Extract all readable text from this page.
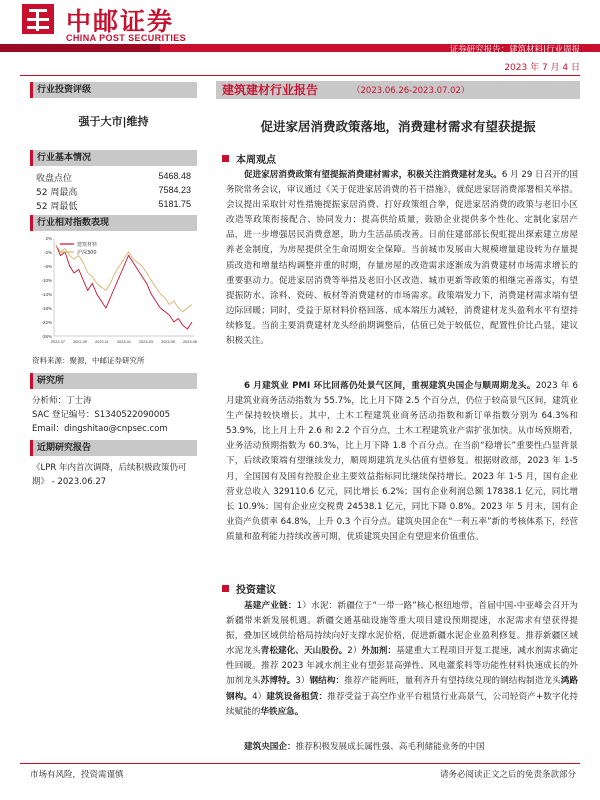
中邮证券
CHINA POST SECURITIES
证券研究报告：建筑材料|行业周报
2023 年 7 月 4 日
行业投资评级
强于大市|维持
行业基本情况
收盘点位	5468.48
52 周最高	7584.23
52 周最低	5181.75
行业相对指数表现
2%
-2%
-6%
-10%
-14%
-18%
-22%
-26%
2022-07 2022-09 2022-11 2023-01 2023-03 2023-05 2023-06
建筑材料
沪深300
资料来源：聚源，中邮证券研究所
研究所
分析师：丁士涛
SAC 登记编号：S1340522090005
Email：dingshitao@cnpsec.com
近期研究报告
《LPR 年内首次调降，后续积极政策仍可期》 - 2023.06.27
建筑建材行业报告	（2023.06.26-2023.07.02）
促进家居消费政策落地，消费建材需求有望获提振
本周观点
促进家居消费政策有望提振消费建材需求，积极关注消费建材龙头。6 月 29 日召开的国务院常务会议，审议通过《关于促进家居消费的若干措施》，就促进家居消费部署相关举措。会议提出采取针对性措施提振家居消费、打好政策组合拳，促进家居消费的政策与老旧小区改造等政策衔接配合、协同发力；提高供给质量，鼓励企业提供多个性化、定制化家居产品，进一步增强居民消费意愿，助力生活品质改善。日前住建部部长倪虹提出探索建立房屋养老金制度，为房屋提供全生命周期安全保障。当前城市发展由大规模增量建设转为存量提质改造和增量结构调整并重的时期，存量房屋的改造需求逐渐成为消费建材市场需求增长的重要驱动力。促进家居消费等举措及老旧小区改造、城市更新等政策的相继完善落实，有望提振防水、涂料、瓷砖、板材等消费建材的市场需求。政策端发力下，消费建材需求端有望边际回暖；同时，受益于原材料价格回落、成本端压力减轻，消费建材龙头盈利水平有望持续修复。当前主要消费建材龙头经前期调整后，估值已处于较低位，配置性价比凸显，建议积极关注。
6 月建筑业 PMI 环比回落仍处景气区间，重视建筑央国企与顺周期龙头。2023 年 6 月建筑业商务活动指数为 55.7%，比上月下降 2.5 个百分点，仍位于较高景气区间，建筑业生产保持较快增长。其中，土木工程建筑业商务活动指数和新订单指数分别为 64.3%和 53.9%，比上月上升 2.6 和 2.2 个百分点，土木工程建筑业产需扩张加快。从市场预期看，业务活动预期指数为 60.3%，比上月下降 1.8 个百分点。在当前“稳增长”重要性凸显背景下，后续政策端有望继续发力，顺周期建筑龙头估值有望修复。根据财政部，2023 年 1-5 月，全国国有及国有控股企业主要效益指标同比继续保持增长。2023 年 1-5 月，国有企业营业总收入 329110.6 亿元，同比增长 6.2%；国有企业利润总额 17838.1 亿元，同比增长 10.9%；国有企业应交税费 24538.1 亿元，同比下降 0.8%。2023 年 5 月末，国有企业资产负债率 64.8%，上升 0.3 个百分点。建筑央国企在“一利五率”新的考核体系下，经营质量和盈利能力持续改善可期，优质建筑央国企有望迎来价值重估。
投资建议
基建产业链：1）水泥：新疆位于“一带一路”核心枢纽地带，首届中国-中亚峰会召开为新疆带来新发展机遇。新疆交通基础设施等重大项目建设预期提速，水泥需求有望获得提振，叠加区域供给格局持续向好支撑水泥价格，促进新疆水泥企业盈利修复。推荐新疆区域水泥龙头青松建化、天山股份。2）外加剂：基建重大工程项目开复工提速，减水剂需求确定性回暖。推荐 2023 年减水剂主业有望彭显高弹性、风电灌浆料等功能性材料快速成长的外加剂龙头苏博特。3）钢结构：推荐产能两旺，量利齐升有望持续兑现的钢结构制造龙头鸿路钢构。4）建筑设备租赁：推荐受益于高空作业平台租赁行业高景气，公司轻资产+数字化持续赋能的华铁应急。
建筑央国企：推荐积极发展成长属性强、高毛利储能业务的中国
市场有风险，投资需谨慎	请务必阅读正文之后的免责条款部分
